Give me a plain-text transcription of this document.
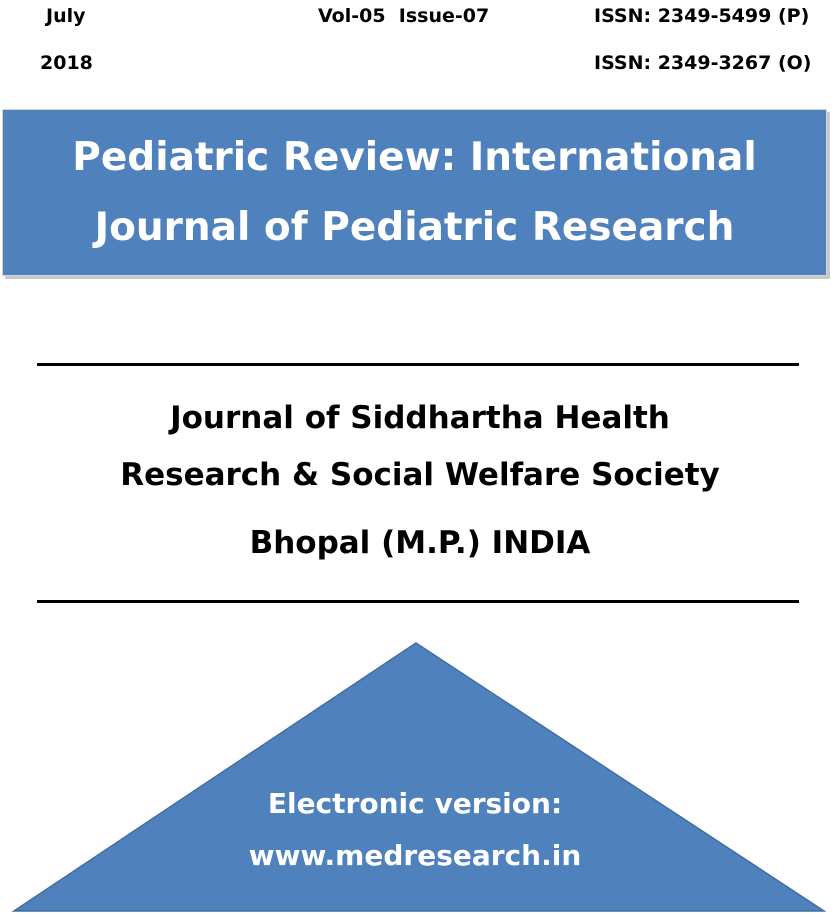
July
2018
Vol-05  Issue-07	ISSN: 2349-5499 (P)
ISSN: 2349-3267 (O)
Pediatric Review: International
Journal of Pediatric Research
Journal of Siddhartha Health
Research & Social Welfare Society
Bhopal (M.P.) INDIA
Electronic version:
www.medresearch.in
